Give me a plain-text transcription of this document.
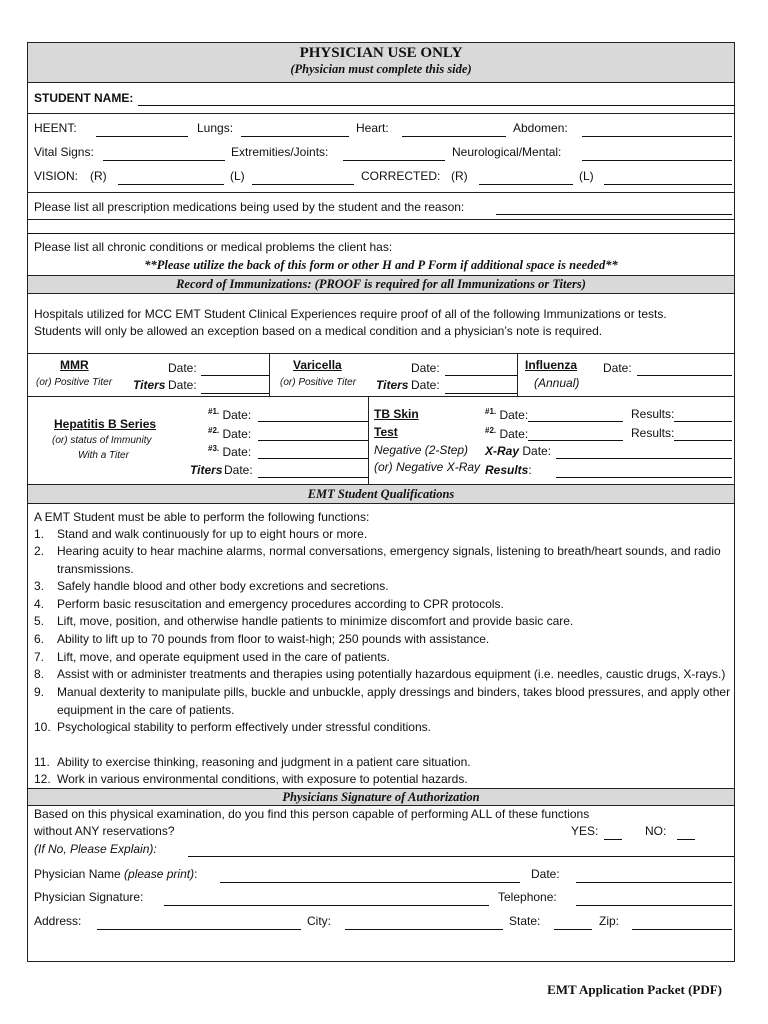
PHYSICIAN USE ONLY
(Physician must complete this side)
STUDENT NAME:
HEENT:	Lungs:	Heart:	Abdomen:
Vital Signs:	Extremities/Joints:	Neurological/Mental:
VISION: (R)	(L)	CORRECTED: (R)	(L)
Please list all prescription medications being used by the student and the reason:
Please list all chronic conditions or medical problems the client has:
**Please utilize the back of this form or other H and P Form if additional space is needed**
Record of Immunizations: (PROOF is required for all Immunizations or Titers)
Hospitals utilized for MCC EMT Student Clinical Experiences require proof of all of the following Immunizations or tests.
Students will only be allowed an exception based on a medical condition and a physician’s note is required.
MMR
(or) Positive Titer
Date:
Titers Date:
Varicella
(or) Positive Titer
Date:
Titers Date:
Influenza
(Annual)
Date:
Hepatitis B Series
(or) status of Immunity
With a Titer
$^{\#1.}$ Date:
$^{\#2.}$ Date:
$^{\#3.}$ Date:
Titers Date:
TB Skin
Test
Negative (2-Step)
(or) Negative X-Ray
$^{\#1.}$ Date:	Results:
$^{\#2.}$ Date:	Results:
X-Ray Date:
Results:
EMT Student Qualifications
A EMT Student must be able to perform the following functions:
1. Stand and walk continuously for up to eight hours or more.
2. Hearing acuity to hear machine alarms, normal conversations, emergency signals, listening to breath/heart sounds, and radio transmissions.
3. Safely handle blood and other body excretions and secretions.
4. Perform basic resuscitation and emergency procedures according to CPR protocols.
5. Lift, move, position, and otherwise handle patients to minimize discomfort and provide basic care.
6. Ability to lift up to 70 pounds from floor to waist-high; 250 pounds with assistance.
7. Lift, move, and operate equipment used in the care of patients.
8. Assist with or administer treatments and therapies using potentially hazardous equipment (i.e. needles, caustic drugs, X-rays.)
9. Manual dexterity to manipulate pills, buckle and unbuckle, apply dressings and binders, takes blood pressures, and apply other equipment in the care of patients.
10. Psychological stability to perform effectively under stressful conditions.
11. Ability to exercise thinking, reasoning and judgment in a patient care situation.
12. Work in various environmental conditions, with exposure to potential hazards.
Physicians Signature of Authorization
Based on this physical examination, do you find this person capable of performing ALL of these functions
without ANY reservations?	YES:	NO:
(If No, Please Explain):
Physician Name (please print):	Date:
Physician Signature:	Telephone:
Address:	City:	State:	Zip:
EMT Application Packet (PDF)
